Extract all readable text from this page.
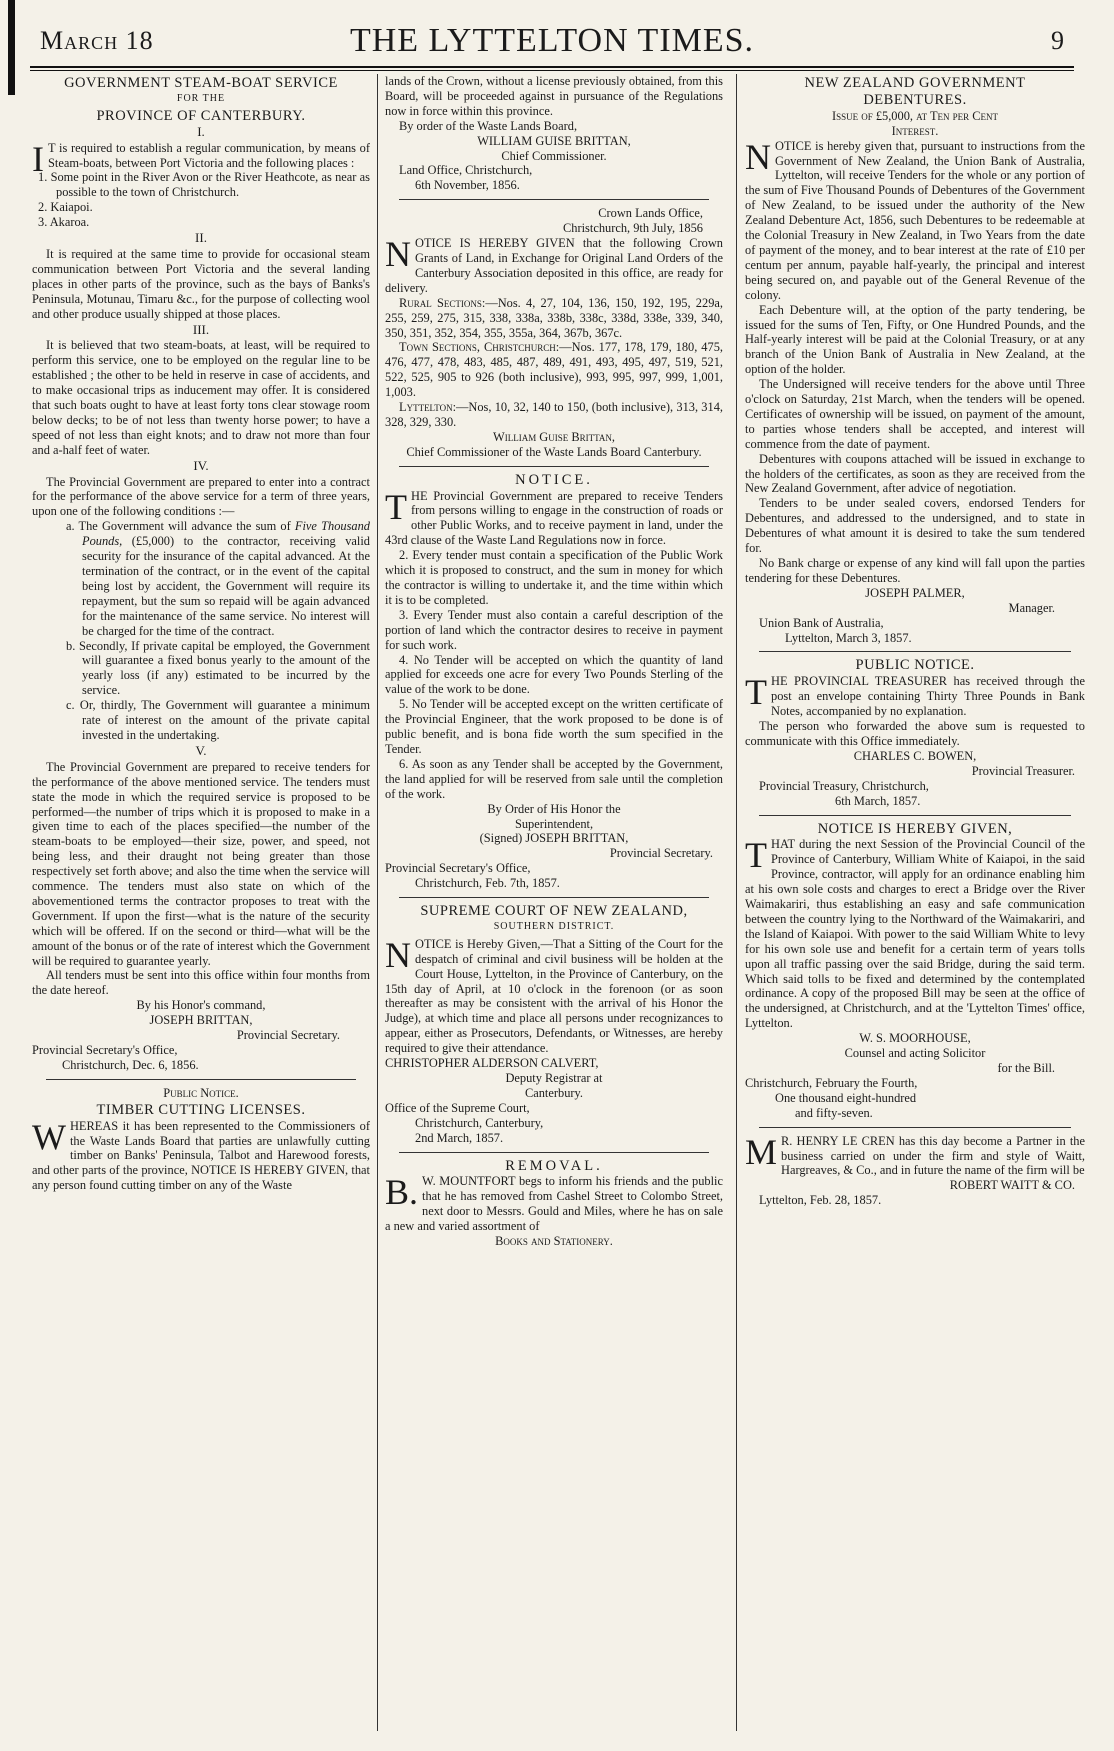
March 18	THE LYTTELTON TIMES.	9
GOVERNMENT STEAM-BOAT SERVICE
FOR THE
PROVINCE OF CANTERBURY.
I.

I T is required to establish a regular communication, by means of Steam-boats, between Port Victoria and the following places :

1. Some point in the River Avon or the River Heathcote, as near as possible to the town of Christchurch.

2. Kaiapoi.

3. Akaroa.

II.

It is required at the same time to provide for occasional steam communication between Port Victoria and the several landing places in other parts of the province, such as the bays of Banks's Peninsula, Motunau, Timaru &c., for the purpose of collecting wool and other produce usually shipped at those places.

III.

It is believed that two steam-boats, at least, will be required to perform this service, one to be employed on the regular line to be established ; the other to be held in reserve in case of accidents, and to make occasional trips as inducement may offer. It is considered that such boats ought to have at least forty tons clear stowage room below decks; to be of not less than twenty horse power; to have a speed of not less than eight knots; and to draw not more than four and a-half feet of water.

IV.

The Provincial Government are prepared to enter into a contract for the performance of the above service for a term of three years, upon one of the following conditions :—

a. The Government will advance the sum of Five Thousand Pounds, (£5,000) to the contractor, receiving valid security for the insurance of the capital advanced. At the termination of the contract, or in the event of the capital being lost by accident, the Government will require its repayment, but the sum so repaid will be again advanced for the maintenance of the same service. No interest will be charged for the time of the contract.

b. Secondly, If private capital be employed, the Government will guarantee a fixed bonus yearly to the amount of the yearly loss (if any) estimated to be incurred by the service.

c. Or, thirdly, The Government will guarantee a minimum rate of interest on the amount of the private capital invested in the undertaking.

V.

The Provincial Government are prepared to receive tenders for the performance of the above mentioned service. The tenders must state the mode in which the required service is proposed to be performed—the number of trips which it is proposed to make in a given time to each of the places specified—the number of the steam-boats to be employed—their size, power, and speed, not being less, and their draught not being greater than those respectively set forth above; and also the time when the service will commence. The tenders must also state on which of the abovementioned terms the contractor proposes to treat with the Government. If upon the first—what is the nature of the security which will be offered. If on the second or third—what will be the amount of the bonus or of the rate of interest which the Government will be required to guarantee yearly.

All tenders must be sent into this office within four months from the date hereof.

By his Honor's command,

JOSEPH BRITTAN,

Provincial Secretary.

Provincial Secretary's Office,

Christchurch, Dec. 6, 1856.

Public Notice.
TIMBER CUTTING LICENSES.

WHEREAS it has been represented to the Commissioners of the Waste Lands Board that parties are unlawfully cutting timber on Banks' Peninsula, Talbot and Harewood forests, and other parts of the province, NOTICE IS HEREBY GIVEN, that any person found cutting timber on any of the Waste

lands of the Crown, without a license previously obtained, from this Board, will be proceeded against in pursuance of the Regulations now in force within this province.

By order of the Waste Lands Board,

WILLIAM GUISE BRITTAN,

Chief Commissioner.

Land Office, Christchurch,

6th November, 1856.

Crown Lands Office,

Christchurch, 9th July, 1856

NOTICE IS HEREBY GIVEN that the following Crown Grants of Land, in Exchange for Original Land Orders of the Canterbury Association deposited in this office, are ready for delivery.

Rural Sections:—Nos. 4, 27, 104, 136, 150, 192, 195, 229a, 255, 259, 275, 315, 338, 338a, 338b, 338c, 338d, 338e, 339, 340, 350, 351, 352, 354, 355, 355a, 364, 367b, 367c.

Town Sections, Christchurch:—Nos. 177, 178, 179, 180, 475, 476, 477, 478, 483, 485, 487, 489, 491, 493, 495, 497, 519, 521, 522, 525, 905 to 926 (both inclusive), 993, 995, 997, 999, 1,001, 1,003.

Lyttelton:—Nos, 10, 32, 140 to 150, (both inclusive), 313, 314, 328, 329, 330.

William Guise Brittan,

Chief Commissioner of the Waste Lands Board Canterbury.

NOTICE.

THE Provincial Government are prepared to receive Tenders from persons willing to engage in the construction of roads or other Public Works, and to receive payment in land, under the 43rd clause of the Waste Land Regulations now in force.

2. Every tender must contain a specification of the Public Work which it is proposed to construct, and the sum in money for which the contractor is willing to undertake it, and the time within which it is to be completed.

3. Every Tender must also contain a careful description of the portion of land which the contractor desires to receive in payment for such work.

4. No Tender will be accepted on which the quantity of land applied for exceeds one acre for every Two Pounds Sterling of the value of the work to be done.

5. No Tender will be accepted except on the written certificate of the Provincial Engineer, that the work proposed to be done is of public benefit, and is bona fide worth the sum specified in the Tender.

6. As soon as any Tender shall be accepted by the Government, the land applied for will be reserved from sale until the completion of the work.

By Order of His Honor the

Superintendent,

(Signed) JOSEPH BRITTAN,

Provincial Secretary.

Provincial Secretary's Office,

Christchurch, Feb. 7th, 1857.

SUPREME COURT OF NEW ZEALAND,
SOUTHERN DISTRICT.

NOTICE is Hereby Given,—That a Sitting of the Court for the despatch of criminal and civil business will be holden at the Court House, Lyttelton, in the Province of Canterbury, on the 15th day of April, at 10 o'clock in the forenoon (or as soon thereafter as may be consistent with the arrival of his Honor the Judge), at which time and place all persons under recognizances to appear, either as Prosecutors, Defendants, or Witnesses, are hereby required to give their attendance.

CHRISTOPHER ALDERSON CALVERT,

Deputy Registrar at

Canterbury.

Office of the Supreme Court,

Christchurch, Canterbury,

2nd March, 1857.

REMOVAL.

B. W. MOUNTFORT begs to inform his friends and the public that he has removed from Cashel Street to Colombo Street, next door to Messrs. Gould and Miles, where he has on sale a new and varied assortment of

Books and Stationery.

NEW ZEALAND GOVERNMENT
DEBENTURES.

Issue of £5,000, at Ten per Cent

Interest.

NOTICE is hereby given that, pursuant to instructions from the Government of New Zealand, the Union Bank of Australia, Lyttelton, will receive Tenders for the whole or any portion of the sum of Five Thousand Pounds of Debentures of the Government of New Zealand, to be issued under the authority of the New Zealand Debenture Act, 1856, such Debentures to be redeemable at the Colonial Treasury in New Zealand, in Two Years from the date of payment of the money, and to bear interest at the rate of £10 per centum per annum, payable half-yearly, the principal and interest being secured on, and payable out of the General Revenue of the colony.

Each Debenture will, at the option of the party tendering, be issued for the sums of Ten, Fifty, or One Hundred Pounds, and the Half-yearly interest will be paid at the Colonial Treasury, or at any branch of the Union Bank of Australia in New Zealand, at the option of the holder.

The Undersigned will receive tenders for the above until Three o'clock on Saturday, 21st March, when the tenders will be opened. Certificates of ownership will be issued, on payment of the amount, to parties whose tenders shall be accepted, and interest will commence from the date of payment.

Debentures with coupons attached will be issued in exchange to the holders of the certificates, as soon as they are received from the New Zealand Government, after advice of negotiation.

Tenders to be under sealed covers, endorsed Tenders for Debentures, and addressed to the undersigned, and to state in Debentures of what amount it is desired to take the sum tendered for.

No Bank charge or expense of any kind will fall upon the parties tendering for these Debentures.

JOSEPH PALMER,

Manager.

Union Bank of Australia,

Lyttelton, March 3, 1857.

PUBLIC NOTICE.

THE PROVINCIAL TREASURER has received through the post an envelope containing Thirty Three Pounds in Bank Notes, accompanied by no explanation.

The person who forwarded the above sum is requested to communicate with this Office immediately.

CHARLES C. BOWEN,

Provincial Treasurer.

Provincial Treasury, Christchurch,

6th March, 1857.

NOTICE IS HEREBY GIVEN,

THAT during the next Session of the Provincial Council of the Province of Canterbury, William White of Kaiapoi, in the said Province, contractor, will apply for an ordinance enabling him at his own sole costs and charges to erect a Bridge over the River Waimakariri, thus establishing an easy and safe communication between the country lying to the Northward of the Waimakariri, and the Island of Kaiapoi. With power to the said William White to levy for his own sole use and benefit for a certain term of years tolls upon all traffic passing over the said Bridge, during the said term. Which said tolls to be fixed and determined by the contemplated ordinance. A copy of the proposed Bill may be seen at the office of the undersigned, at Christchurch, and at the 'Lyttelton Times' office, Lyttelton.

W. S. MOORHOUSE,

Counsel and acting Solicitor

for the Bill.

Christchurch, February the Fourth,

One thousand eight-hundred

and fifty-seven.

M R. HENRY LE CREN has this day become a Partner in the business carried on under the firm and style of Waitt, Hargreaves, & Co., and in future the name of the firm will be

ROBERT WAITT & CO.

Lyttelton, Feb. 28, 1857.
